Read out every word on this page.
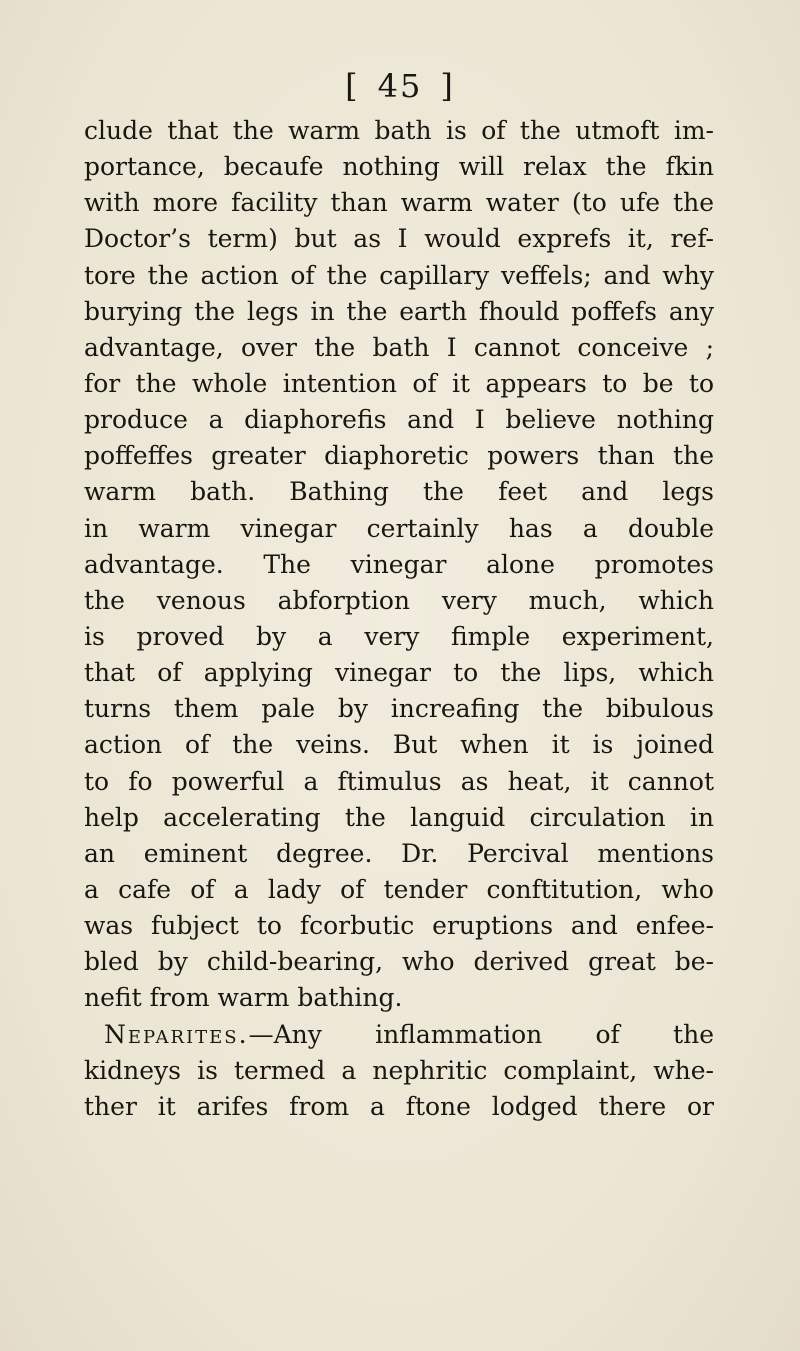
[ 45 ]
clude that the warm bath is of the utmoft im-
portance, becaufe nothing will relax the fkin
with more facility than warm water (to ufe the
Doctor’s term) but as I would exprefs it, ref-
tore the action of the capillary veffels; and why
burying the legs in the earth fhould poffefs any
advantage, over the bath I cannot conceive ;
for the whole intention of it appears to be to
produce a diaphorefis and I believe nothing
poffeffes greater diaphoretic powers than the
warm bath. Bathing the feet and legs
in warm vinegar certainly has a double
advantage. The vinegar alone promotes
the venous abforption very much, which
is proved by a very fimple experiment,
that of applying vinegar to the lips, which
turns them pale by increafing the bibulous
action of the veins. But when it is joined
to fo powerful a ftimulus as heat, it cannot
help accelerating the languid circulation in
an eminent degree. Dr. Percival mentions
a cafe of a lady of tender conftitution, who
was fubject to fcorbutic eruptions and enfee-
bled by child-bearing, who derived great be-
nefit from warm bathing.
Neparites.—Any inflammation of the
kidneys is termed a nephritic complaint, whe-
ther it arifes from a ftone lodged there or
